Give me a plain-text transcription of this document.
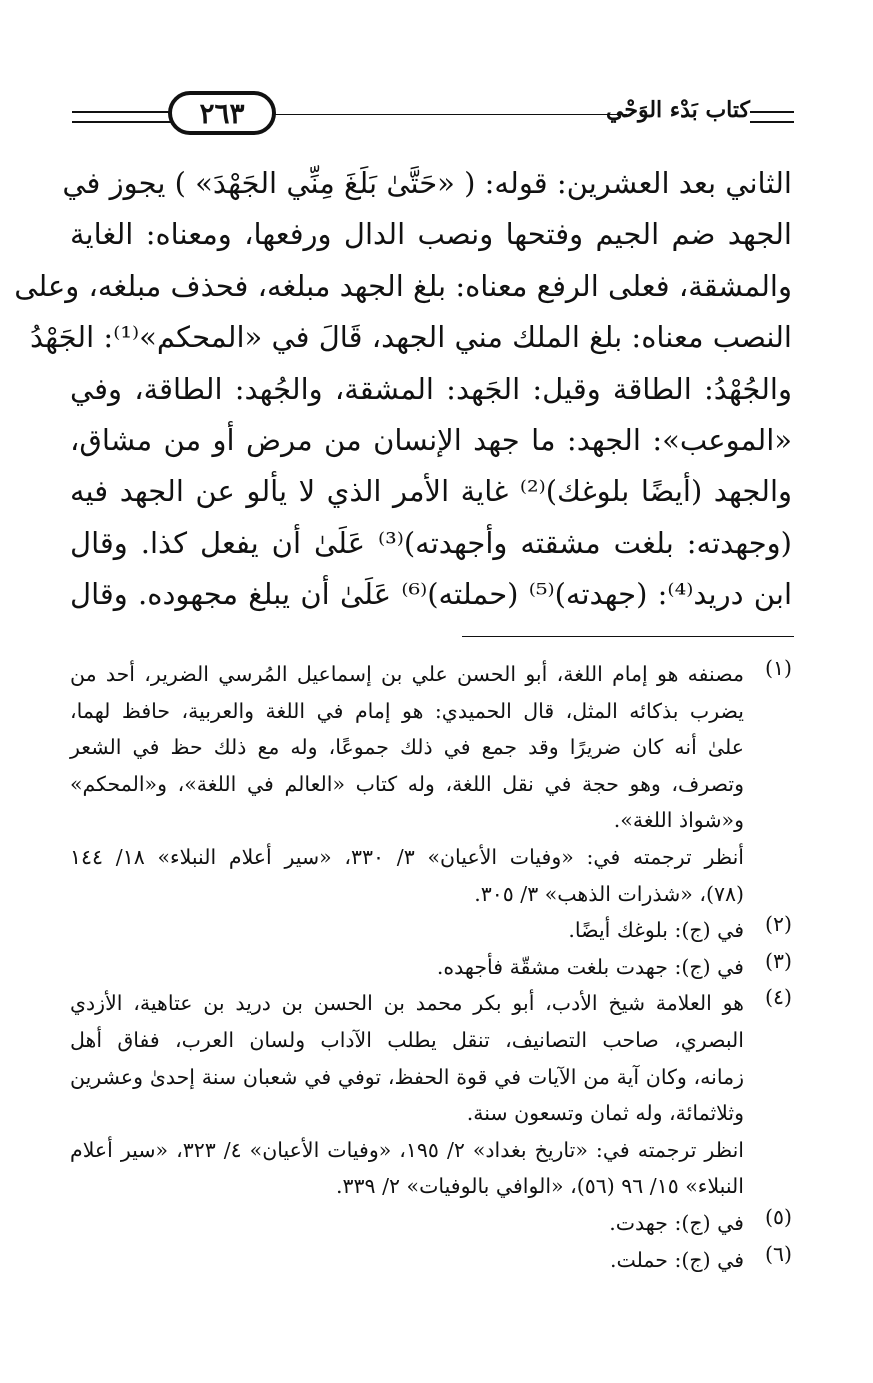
٢٦٣	كتاب بَدْء الوَحْي
الثاني بعد العشرين: قوله: ( «حَتَّىٰ بَلَغَ مِنِّي الجَهْدَ» ) يجوز في
الجهد ضم الجيم وفتحها ونصب الدال ورفعها، ومعناه: الغاية
والمشقة، فعلى الرفع معناه: بلغ الجهد مبلغه، فحذف مبلغه، وعلى
النصب معناه: بلغ الملك مني الجهد، قَالَ في «المحكم»⁽¹⁾: الجَهْدُ
والجُهْدُ: الطاقة وقيل: الجَهد: المشقة، والجُهد: الطاقة، وفي
«الموعب»: الجهد: ما جهد الإنسان من مرض أو من مشاق،
والجهد (أيضًا بلوغك)⁽²⁾ غاية الأمر الذي لا يألو عن الجهد فيه
(وجهدته: بلغت مشقته وأجهدته)⁽³⁾ عَلَىٰ أن يفعل كذا. وقال
ابن دريد⁽⁴⁾: (جهدته)⁽⁵⁾ (حملته)⁽⁶⁾ عَلَىٰ أن يبلغ مجهوده. وقال
(١)
مصنفه هو إمام اللغة، أبو الحسن علي بن إسماعيل المُرسي الضرير، أحد من
يضرب بذكائه المثل، قال الحميدي: هو إمام في اللغة والعربية، حافظ لهما،
علىٰ أنه كان ضريرًا وقد جمع في ذلك جموعًا، وله مع ذلك حظ في الشعر
وتصرف، وهو حجة في نقل اللغة، وله كتاب «العالم في اللغة»، و«المحكم»
و«شواذ اللغة».
أنظر ترجمته في: «وفيات الأعيان» ٣/ ٣٣٠، «سير أعلام النبلاء» ١٨/ ١٤٤
(٧٨)، «شذرات الذهب» ٣/ ٣٠٥.
(٢)
في (ج): بلوغك أيضًا.
(٣)
في (ج): جهدت بلغت مشقّة فأجهده.
(٤)
هو العلامة شيخ الأدب، أبو بكر محمد بن الحسن بن دريد بن عتاهية، الأزدي
البصري، صاحب التصانيف، تنقل يطلب الآداب ولسان العرب، ففاق أهل
زمانه، وكان آية من الآيات في قوة الحفظ، توفي في شعبان سنة إحدىٰ وعشرين
وثلاثمائة، وله ثمان وتسعون سنة.
انظر ترجمته في: «تاريخ بغداد» ٢/ ١٩٥، «وفيات الأعيان» ٤/ ٣٢٣، «سير أعلام
النبلاء» ١٥/ ٩٦ (٥٦)، «الوافي بالوفيات» ٢/ ٣٣٩.
(٥)
في (ج): جهدت.
(٦)
في (ج): حملت.
